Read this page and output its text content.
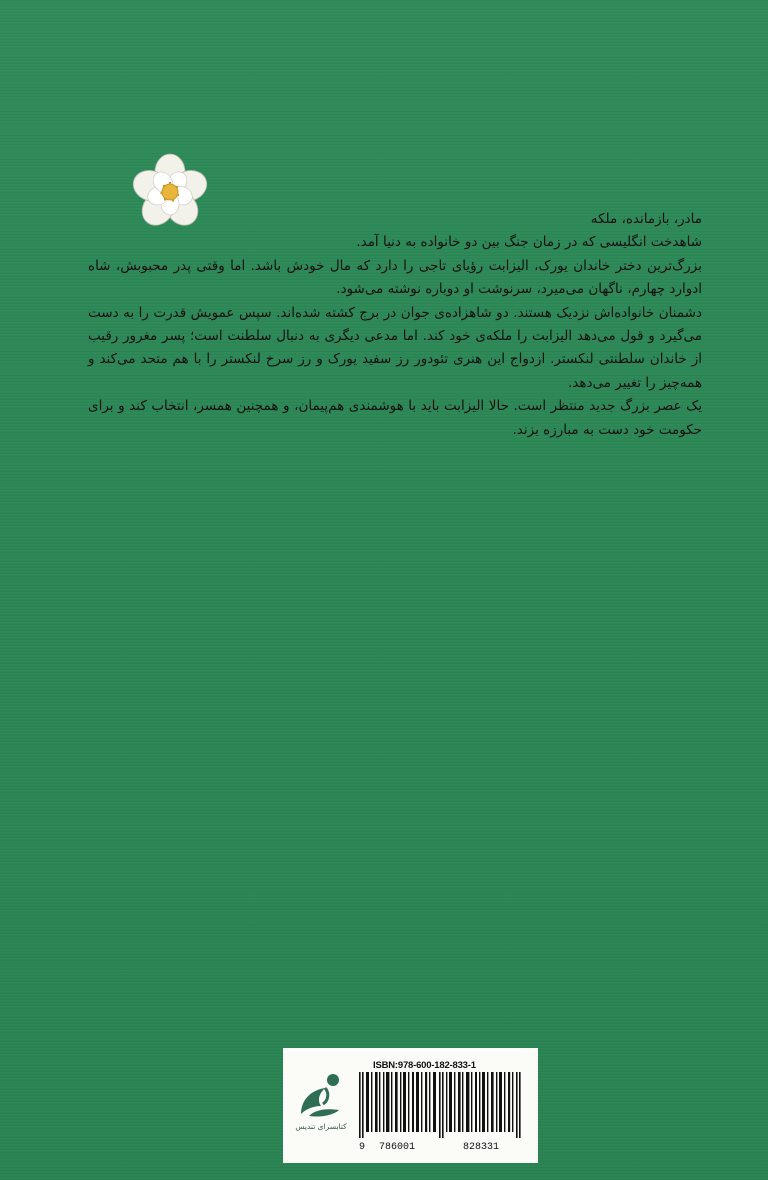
مادر، بازمانده، ملکه

شاهدخت انگلیسی که در زمان جنگ بین دو خانواده به دنیا آمد.

بزرگ‌ترین دختر خاندان یورک، الیزابت رؤیای تاجی را دارد که مال خودش باشد. اما وقتی پدر محبوبش، شاه ادوارد چهارم، ناگهان می‌میرد، سرنوشت او دوباره نوشته می‌شود.

دشمنان خانواده‌اش نزدیک هستند. دو شاهزاده‌ی جوان در برج کشته شده‌اند. سپس عمویش قدرت را به دست می‌گیرد و قول می‌دهد الیزابت را ملکه‌ی خود کند. اما مدعی دیگری به دنبال سلطنت است؛ پسر مغرور رقیب از خاندان سلطنتی لنکستر. ازدواج این هنری تئودور رز سفید یورک و رز سرخ لنکستر را با هم متحد می‌کند و همه‌چیز را تغییر می‌دهد.

یک عصر بزرگ جدید منتظر است. حالا الیزابت باید با هوشمندی هم‌پیمان، و همچنین همسر، انتخاب کند و برای حکومت خود دست به مبارزه بزند.

کتابسرای تندیس
ISBN:978-600-182-833-1
9 786001	828331
